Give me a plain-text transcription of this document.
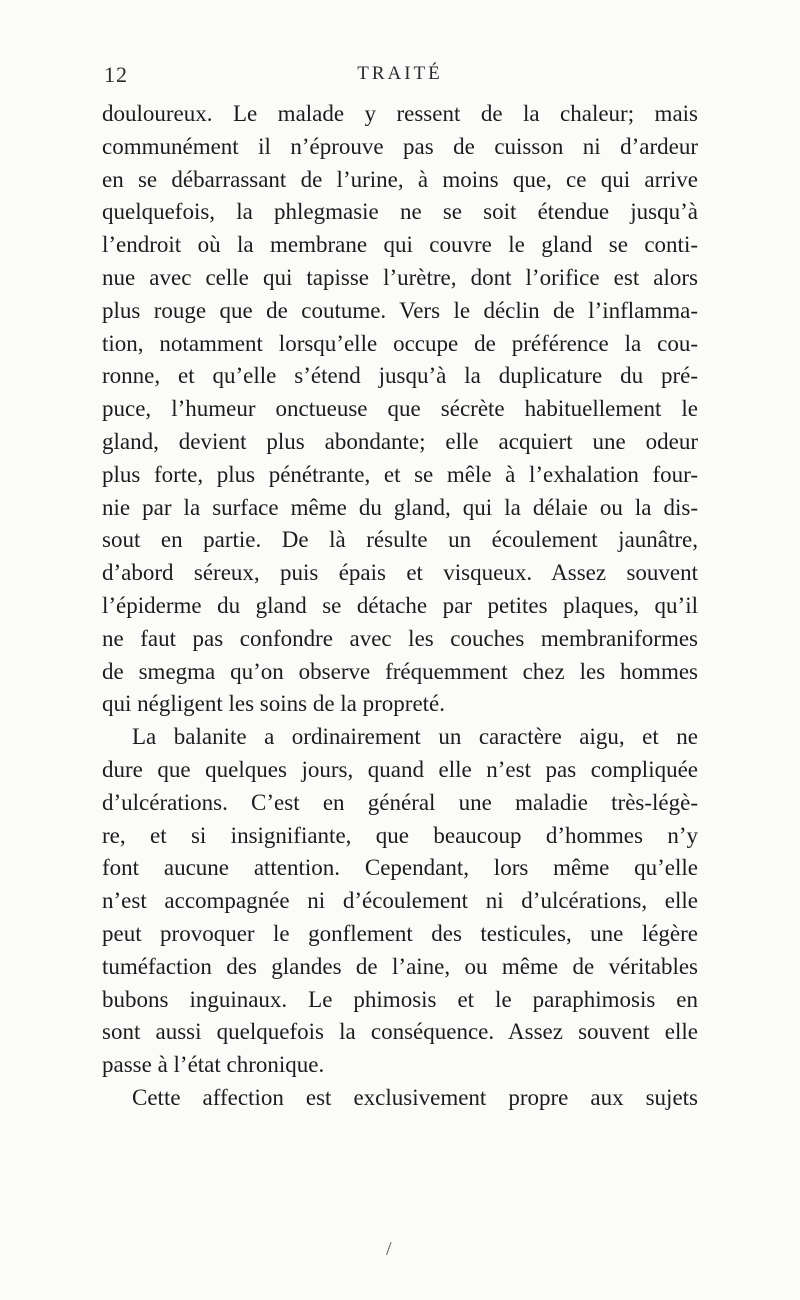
12	TRAITÉ
douloureux. Le malade y ressent de la chaleur; mais
communément il n’éprouve pas de cuisson ni d’ardeur
en se débarrassant de l’urine, à moins que, ce qui arrive
quelquefois, la phlegmasie ne se soit étendue jusqu’à
l’endroit où la membrane qui couvre le gland se conti-
nue avec celle qui tapisse l’urètre, dont l’orifice est alors
plus rouge que de coutume. Vers le déclin de l’inflamma-
tion, notamment lorsqu’elle occupe de préférence la cou-
ronne, et qu’elle s’étend jusqu’à la duplicature du pré-
puce, l’humeur onctueuse que sécrète habituellement le
gland, devient plus abondante; elle acquiert une odeur
plus forte, plus pénétrante, et se mêle à l’exhalation four-
nie par la surface même du gland, qui la délaie ou la dis-
sout en partie. De là résulte un écoulement jaunâtre,
d’abord séreux, puis épais et visqueux. Assez souvent
l’épiderme du gland se détache par petites plaques, qu’il
ne faut pas confondre avec les couches membraniformes
de smegma qu’on observe fréquemment chez les hommes
qui négligent les soins de la propreté.
La balanite a ordinairement un caractère aigu, et ne
dure que quelques jours, quand elle n’est pas compliquée
d’ulcérations. C’est en général une maladie très-légè-
re, et si insignifiante, que beaucoup d’hommes n’y
font aucune attention. Cependant, lors même qu’elle
n’est accompagnée ni d’écoulement ni d’ulcérations, elle
peut provoquer le gonflement des testicules, une légère
tuméfaction des glandes de l’aine, ou même de véritables
bubons inguinaux. Le phimosis et le paraphimosis en
sont aussi quelquefois la conséquence. Assez souvent elle
passe à l’état chronique.
Cette affection est exclusivement propre aux sujets
/
